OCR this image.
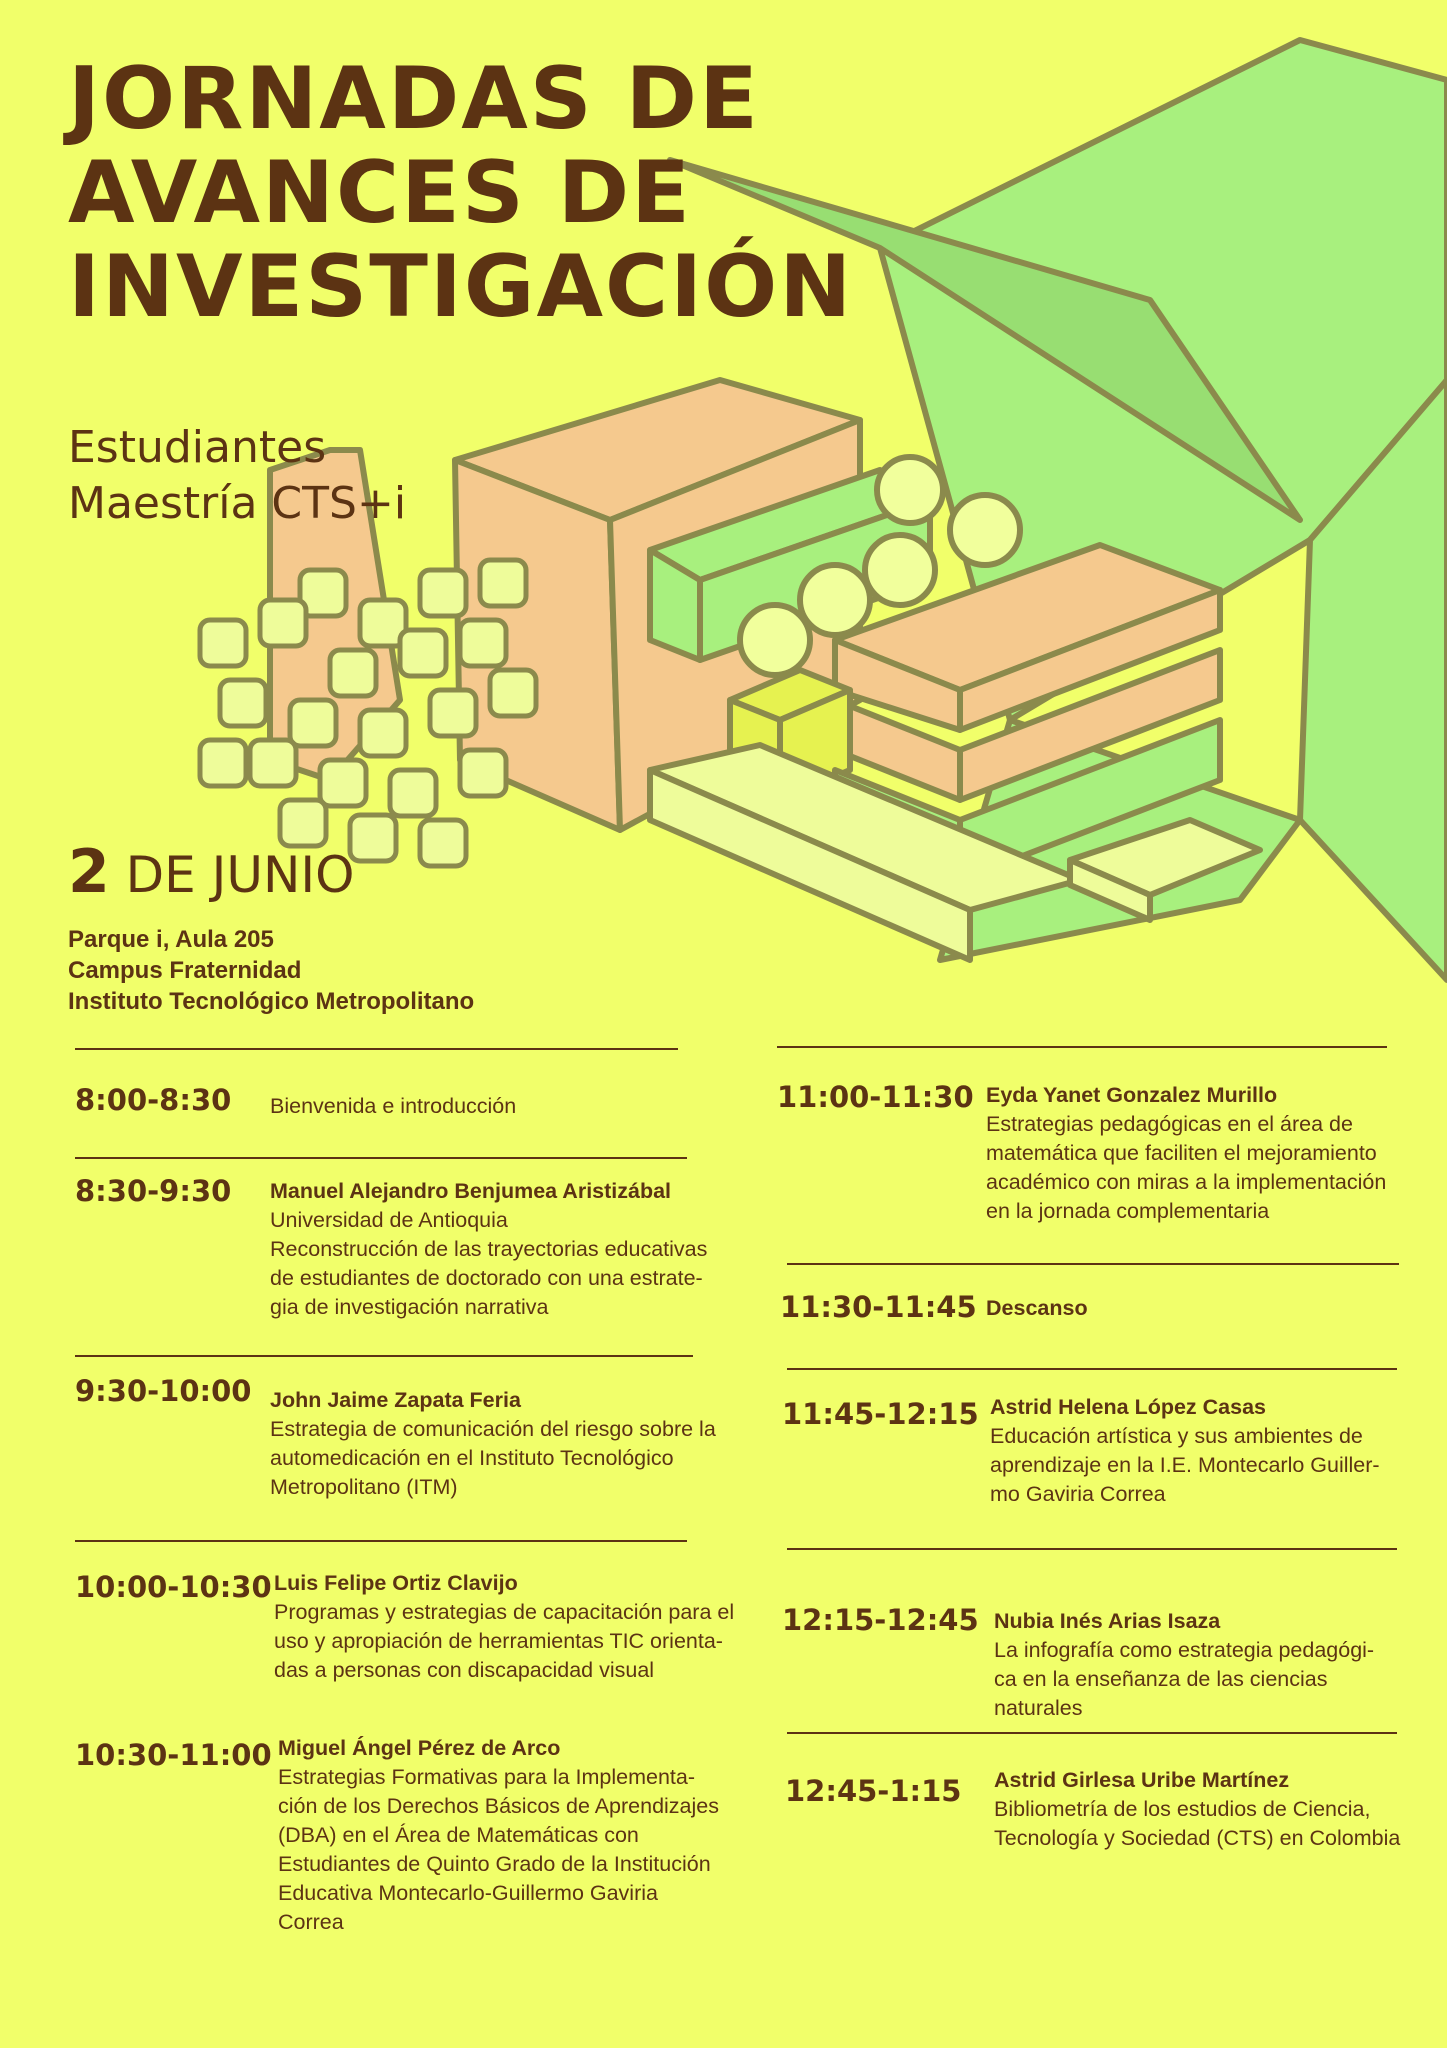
JORNADAS DE
AVANCES DE
INVESTIGACIÓN
Estudiantes
Maestría CTS+i
2 DE JUNIO
Parque i, Aula 205
Campus Fraternidad
Instituto Tecnológico Metropolitano
8:00-8:30 Bienvenida e introducción
8:30-9:30 Manuel Alejandro Benjumea Aristizábal
Universidad de Antioquia
Reconstrucción de las trayectorias educativas
de estudiantes de doctorado con una estrate-
gia de investigación narrativa
9:30-10:00 John Jaime Zapata Feria
Estrategia de comunicación del riesgo sobre la
automedicación en el Instituto Tecnológico
Metropolitano (ITM)
10:00-10:30 Luis Felipe Ortiz Clavijo
Programas y estrategias de capacitación para el
uso y apropiación de herramientas TIC orienta-
das a personas con discapacidad visual
10:30-11:00 Miguel Ángel Pérez de Arco
Estrategias Formativas para la Implementa-
ción de los Derechos Básicos de Aprendizajes
(DBA) en el Área de Matemáticas con
Estudiantes de Quinto Grado de la Institución
Educativa Montecarlo-Guillermo Gaviria
Correa
11:00-11:30 Eyda Yanet Gonzalez Murillo
Estrategias pedagógicas en el área de
matemática que faciliten el mejoramiento
académico con miras a la implementación
en la jornada complementaria
11:30-11:45 Descanso
11:45-12:15 Astrid Helena López Casas
Educación artística y sus ambientes de
aprendizaje en la I.E. Montecarlo Guiller-
mo Gaviria Correa
12:15-12:45 Nubia Inés Arias Isaza
La infografía como estrategia pedagógi-
ca en la enseñanza de las ciencias
naturales
12:45-1:15 Astrid Girlesa Uribe Martínez
Bibliometría de los estudios de Ciencia,
Tecnología y Sociedad (CTS) en Colombia
